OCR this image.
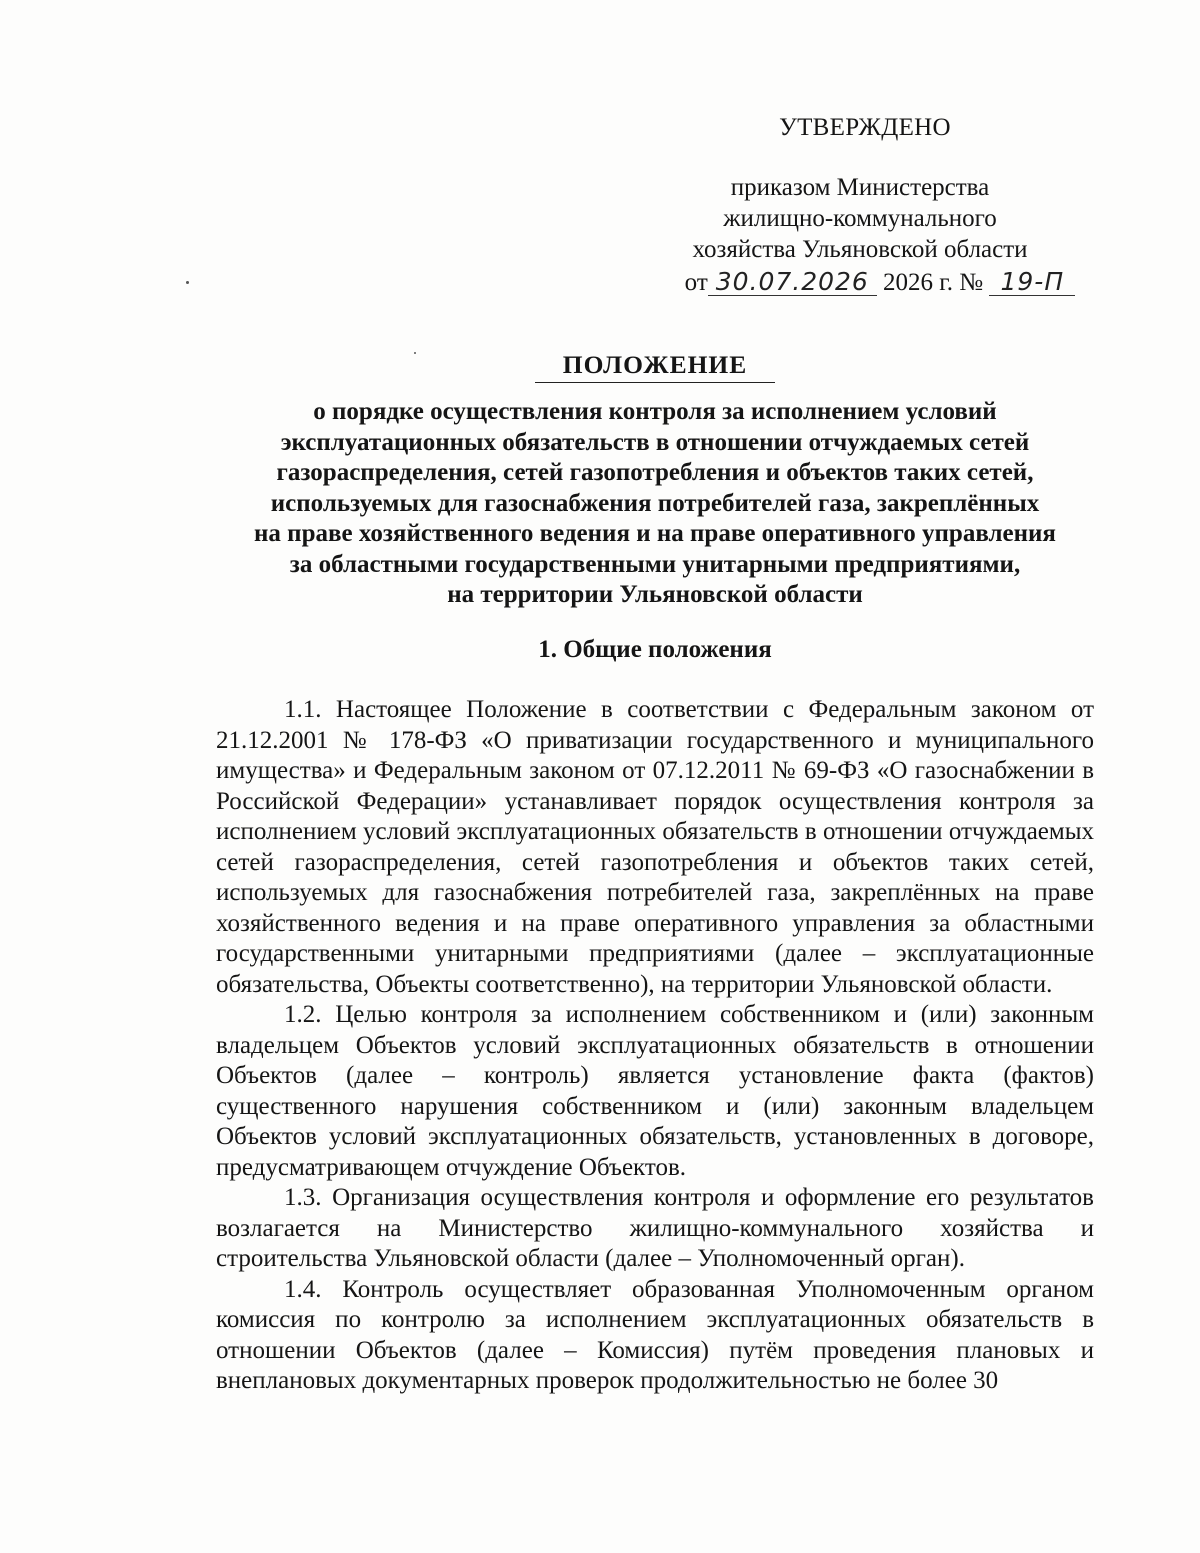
УТВЕРЖДЕНО
приказом Министерства
жилищно-коммунального
хозяйства Ульяновской области
от 30.07.2026 2026 г. № 19-П
ПОЛОЖЕНИЕ
о порядке осуществления контроля за исполнением условий
эксплуатационных обязательств в отношении отчуждаемых сетей
газораспределения, сетей газопотребления и объектов таких сетей,
используемых для газоснабжения потребителей газа, закреплённых
на праве хозяйственного ведения и на праве оперативного управления
за областными государственными унитарными предприятиями,
на территории Ульяновской области
1. Общие положения

1.1. Настоящее Положение в соответствии с Федеральным законом от 21.12.2001 № 178-ФЗ «О приватизации государственного и муниципального имущества» и Федеральным законом от 07.12.2011 № 69-ФЗ «О газоснабжении в Российской Федерации» устанавливает порядок осуществления контроля за исполнением условий эксплуатационных обязательств в отношении отчуждаемых сетей газораспределения, сетей газопотребления и объектов таких сетей, используемых для газоснабжения потребителей газа, закреплённых на праве хозяйственного ведения и на праве оперативного управления за областными государственными унитарными предприятиями (далее – эксплуатационные обязательства, Объекты соответственно), на территории Ульяновской области.

1.2. Целью контроля за исполнением собственником и (или) законным владельцем Объектов условий эксплуатационных обязательств в отношении Объектов (далее – контроль) является установление факта (фактов) существенного нарушения собственником и (или) законным владельцем Объектов условий эксплуатационных обязательств, установленных в договоре, предусматривающем отчуждение Объектов.

1.3. Организация осуществления контроля и оформление его результатов возлагается на Министерство жилищно-коммунального хозяйства и строительства Ульяновской области (далее – Уполномоченный орган).

1.4. Контроль осуществляет образованная Уполномоченным органом комиссия по контролю за исполнением эксплуатационных обязательств в отношении Объектов (далее – Комиссия) путём проведения плановых и внеплановых документарных проверок продолжительностью не более 30
